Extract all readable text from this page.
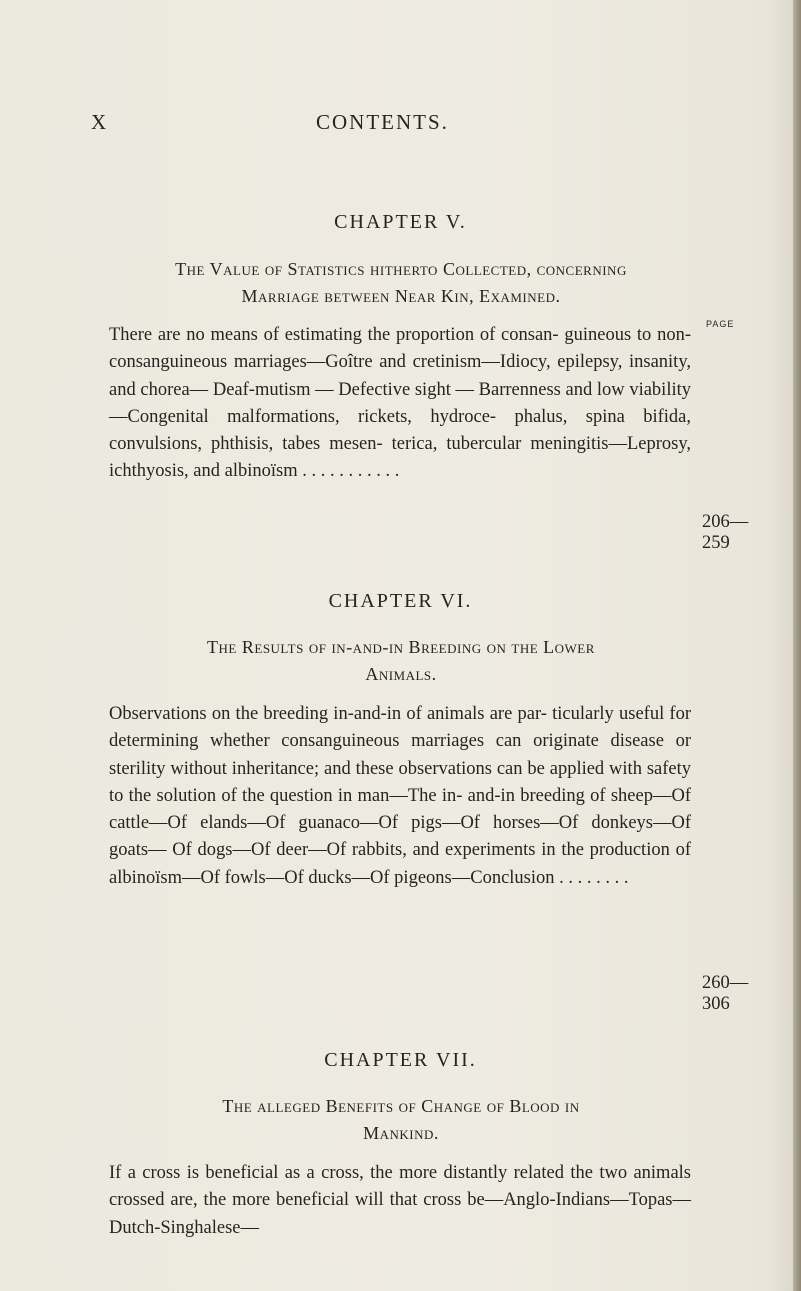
X	CONTENTS.
CHAPTER V.
The Value of Statistics hitherto Collected, concerning
Marriage between Near Kin, Examined.
PAGE
There are no means of estimating the proportion of consan- guineous to non-consanguineous marriages—Goître and cretinism—Idiocy, epilepsy, insanity, and chorea— Deaf-mutism — Defective sight — Barrenness and low viability—Congenital malformations, rickets, hydroce- phalus, spina bifida, convulsions, phthisis, tabes mesen- terica, tubercular meningitis—Leprosy, ichthyosis, and albinoïsm . . . . . . . . . . .
206—259
CHAPTER VI.
The Results of in-and-in Breeding on the Lower
Animals.
Observations on the breeding in-and-in of animals are par- ticularly useful for determining whether consanguineous marriages can originate disease or sterility without inheritance; and these observations can be applied with safety to the solution of the question in man—The in- and-in breeding of sheep—Of cattle—Of elands—Of guanaco—Of pigs—Of horses—Of donkeys—Of goats— Of dogs—Of deer—Of rabbits, and experiments in the production of albinoïsm—Of fowls—Of ducks—Of pigeons—Conclusion . . . . . . . .
260—306
CHAPTER VII.
The alleged Benefits of Change of Blood in
Mankind.
If a cross is beneficial as a cross, the more distantly related the two animals crossed are, the more beneficial will that cross be—Anglo-Indians—Topas—Dutch-Singhalese—
